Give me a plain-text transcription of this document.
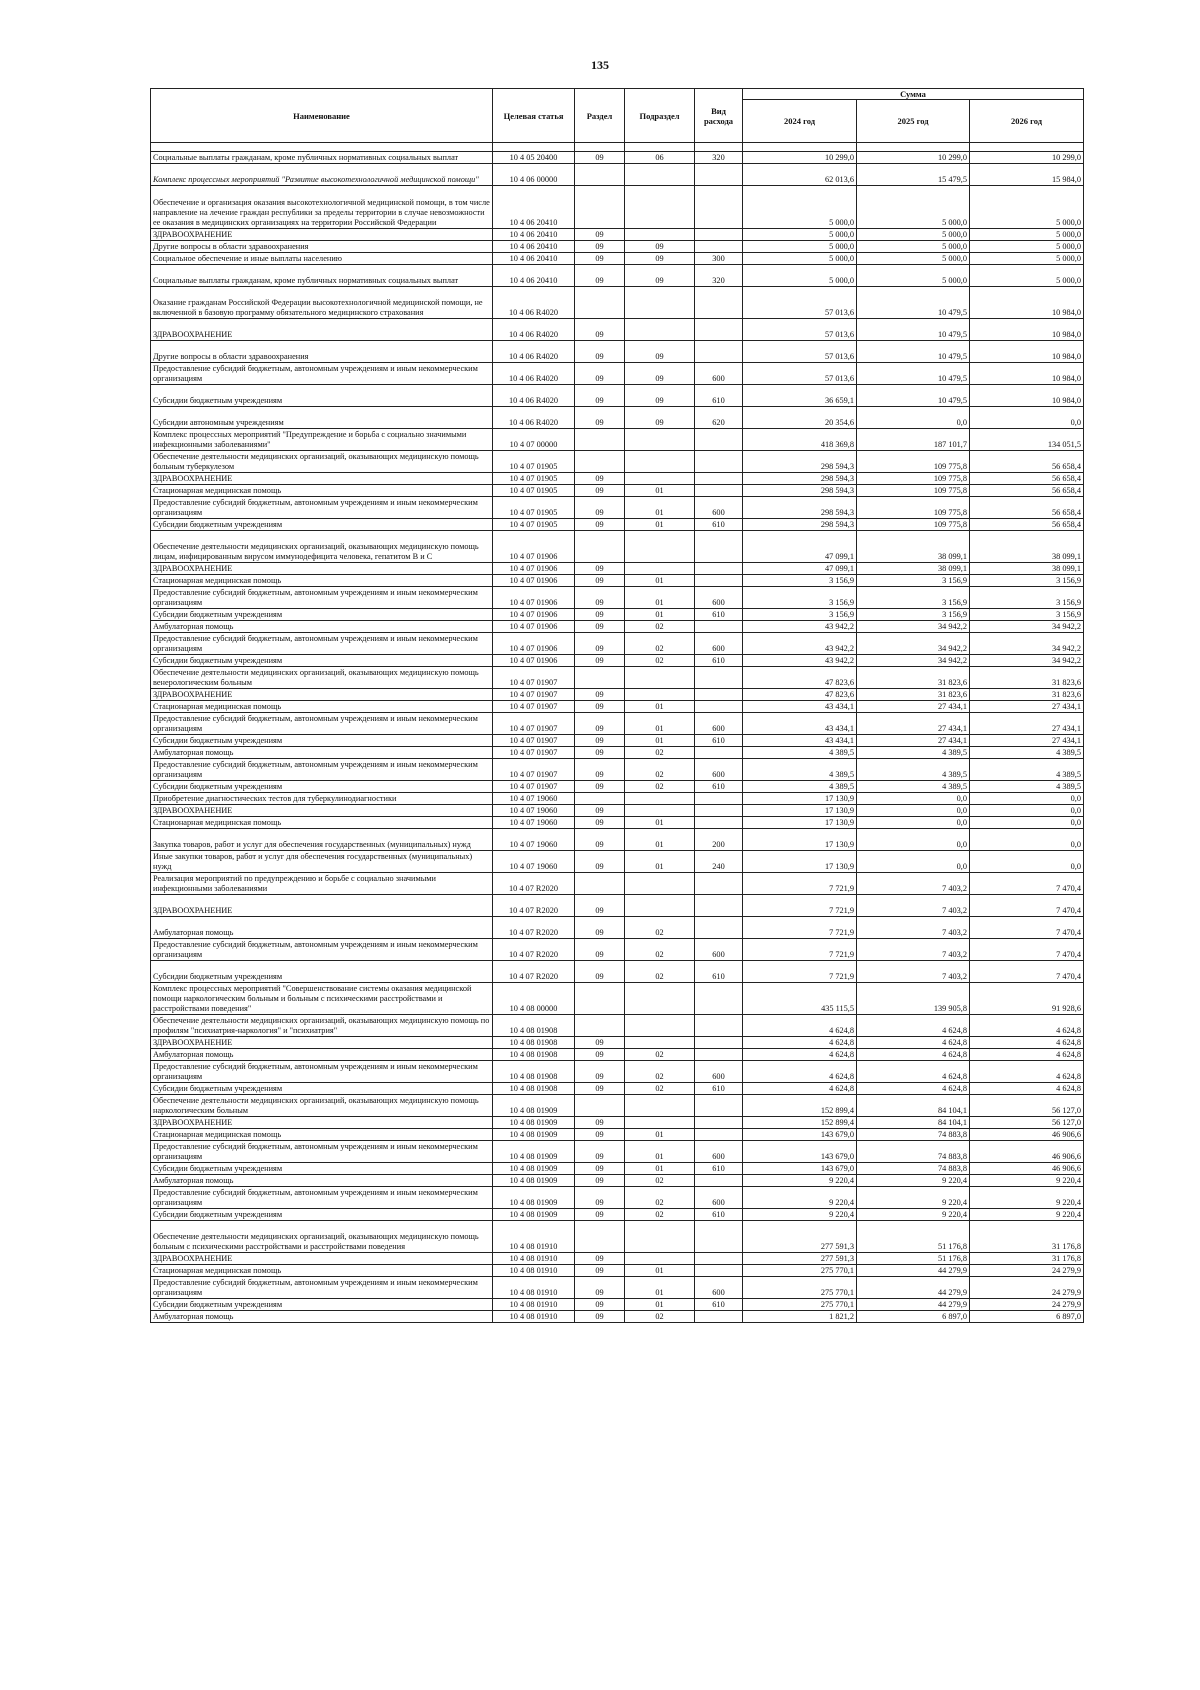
135
Наименование	Целевая статья	Раздел	Подраздел	Вид расхода	Сумма		
					2024 год	2025 год	2026 год

Социальные выплаты гражданам, кроме публичных нормативных социальных выплат	10 4 05 20400	09	06	320	10 299,0	10 299,0	10 299,0
Комплекс процессных мероприятий "Развитие высокотехнологичной медицинской помощи"	10 4 06 00000				62 013,6	15 479,5	15 984,0
Обеспечение и организация оказания высокотехнологичной медицинской помощи, в том числе направление на лечение граждан республики за пределы территории в случае невозможности ее оказания в медицинских организациях на территории Российской Федерации	10 4 06 20410				5 000,0	5 000,0	5 000,0
ЗДРАВООХРАНЕНИЕ	10 4 06 20410	09			5 000,0	5 000,0	5 000,0
Другие вопросы в области здравоохранения	10 4 06 20410	09	09		5 000,0	5 000,0	5 000,0
Социальное обеспечение и иные выплаты населению	10 4 06 20410	09	09	300	5 000,0	5 000,0	5 000,0
Социальные выплаты гражданам, кроме публичных нормативных социальных выплат	10 4 06 20410	09	09	320	5 000,0	5 000,0	5 000,0
Оказание гражданам Российской Федерации высокотехнологичной медицинской помощи, не включенной в базовую программу обязательного медицинского страхования	10 4 06 R4020				57 013,6	10 479,5	10 984,0
ЗДРАВООХРАНЕНИЕ	10 4 06 R4020	09			57 013,6	10 479,5	10 984,0
Другие вопросы в области здравоохранения	10 4 06 R4020	09	09		57 013,6	10 479,5	10 984,0
Предоставление субсидий бюджетным, автономным учреждениям и иным некоммерческим организациям	10 4 06 R4020	09	09	600	57 013,6	10 479,5	10 984,0
Субсидии бюджетным учреждениям	10 4 06 R4020	09	09	610	36 659,1	10 479,5	10 984,0
Субсидии автономным учреждениям	10 4 06 R4020	09	09	620	20 354,6	0,0	0,0
Комплекс процессных мероприятий "Предупреждение и борьба с социально значимыми инфекционными заболеваниями"	10 4 07 00000				418 369,8	187 101,7	134 051,5
Обеспечение деятельности медицинских организаций, оказывающих медицинскую помощь больным туберкулезом	10 4 07 01905				298 594,3	109 775,8	56 658,4
ЗДРАВООХРАНЕНИЕ	10 4 07 01905	09			298 594,3	109 775,8	56 658,4
Стационарная медицинская помощь	10 4 07 01905	09	01		298 594,3	109 775,8	56 658,4
Предоставление субсидий бюджетным, автономным учреждениям и иным некоммерческим организациям	10 4 07 01905	09	01	600	298 594,3	109 775,8	56 658,4
Субсидии бюджетным учреждениям	10 4 07 01905	09	01	610	298 594,3	109 775,8	56 658,4
Обеспечение деятельности медицинских организаций, оказывающих медицинскую помощь лицам, инфицированным вирусом иммунодефицита человека, гепатитом В и С	10 4 07 01906				47 099,1	38 099,1	38 099,1
ЗДРАВООХРАНЕНИЕ	10 4 07 01906	09			47 099,1	38 099,1	38 099,1
Стационарная медицинская помощь	10 4 07 01906	09	01		3 156,9	3 156,9	3 156,9
Предоставление субсидий бюджетным, автономным учреждениям и иным некоммерческим организациям	10 4 07 01906	09	01	600	3 156,9	3 156,9	3 156,9
Субсидии бюджетным учреждениям	10 4 07 01906	09	01	610	3 156,9	3 156,9	3 156,9
Амбулаторная помощь	10 4 07 01906	09	02		43 942,2	34 942,2	34 942,2
Предоставление субсидий бюджетным, автономным учреждениям и иным некоммерческим организациям	10 4 07 01906	09	02	600	43 942,2	34 942,2	34 942,2
Субсидии бюджетным учреждениям	10 4 07 01906	09	02	610	43 942,2	34 942,2	34 942,2
Обеспечение деятельности медицинских организаций, оказывающих медицинскую помощь венерологическим больным	10 4 07 01907				47 823,6	31 823,6	31 823,6
ЗДРАВООХРАНЕНИЕ	10 4 07 01907	09			47 823,6	31 823,6	31 823,6
Стационарная медицинская помощь	10 4 07 01907	09	01		43 434,1	27 434,1	27 434,1
Предоставление субсидий бюджетным, автономным учреждениям и иным некоммерческим организациям	10 4 07 01907	09	01	600	43 434,1	27 434,1	27 434,1
Субсидии бюджетным учреждениям	10 4 07 01907	09	01	610	43 434,1	27 434,1	27 434,1
Амбулаторная помощь	10 4 07 01907	09	02		4 389,5	4 389,5	4 389,5
Предоставление субсидий бюджетным, автономным учреждениям и иным некоммерческим организациям	10 4 07 01907	09	02	600	4 389,5	4 389,5	4 389,5
Субсидии бюджетным учреждениям	10 4 07 01907	09	02	610	4 389,5	4 389,5	4 389,5
Приобретение диагностических тестов для туберкулинодиагностики	10 4 07 19060				17 130,9	0,0	0,0
ЗДРАВООХРАНЕНИЕ	10 4 07 19060	09			17 130,9	0,0	0,0
Стационарная медицинская помощь	10 4 07 19060	09	01		17 130,9	0,0	0,0
Закупка товаров, работ и услуг для обеспечения государственных (муниципальных) нужд	10 4 07 19060	09	01	200	17 130,9	0,0	0,0
Иные закупки товаров, работ и услуг для обеспечения государственных (муниципальных) нужд	10 4 07 19060	09	01	240	17 130,9	0,0	0,0
Реализация мероприятий по предупреждению и борьбе с социально значимыми инфекционными заболеваниями	10 4 07 R2020				7 721,9	7 403,2	7 470,4
ЗДРАВООХРАНЕНИЕ	10 4 07 R2020	09			7 721,9	7 403,2	7 470,4
Амбулаторная помощь	10 4 07 R2020	09	02		7 721,9	7 403,2	7 470,4
Предоставление субсидий бюджетным, автономным учреждениям и иным некоммерческим организациям	10 4 07 R2020	09	02	600	7 721,9	7 403,2	7 470,4
Субсидии бюджетным учреждениям	10 4 07 R2020	09	02	610	7 721,9	7 403,2	7 470,4
Комплекс процессных мероприятий "Совершенствование системы оказания медицинской помощи наркологическим больным и больным с психическими расстройствами и расстройствами поведения"	10 4 08 00000				435 115,5	139 905,8	91 928,6
Обеспечение деятельности медицинских организаций, оказывающих медицинскую помощь по профилям "психиатрия-наркология" и "психиатрия"	10 4 08 01908				4 624,8	4 624,8	4 624,8
ЗДРАВООХРАНЕНИЕ	10 4 08 01908	09			4 624,8	4 624,8	4 624,8
Амбулаторная помощь	10 4 08 01908	09	02		4 624,8	4 624,8	4 624,8
Предоставление субсидий бюджетным, автономным учреждениям и иным некоммерческим организациям	10 4 08 01908	09	02	600	4 624,8	4 624,8	4 624,8
Субсидии бюджетным учреждениям	10 4 08 01908	09	02	610	4 624,8	4 624,8	4 624,8
Обеспечение деятельности медицинских организаций, оказывающих медицинскую помощь наркологическим больным	10 4 08 01909				152 899,4	84 104,1	56 127,0
ЗДРАВООХРАНЕНИЕ	10 4 08 01909	09			152 899,4	84 104,1	56 127,0
Стационарная медицинская помощь	10 4 08 01909	09	01		143 679,0	74 883,8	46 906,6
Предоставление субсидий бюджетным, автономным учреждениям и иным некоммерческим организациям	10 4 08 01909	09	01	600	143 679,0	74 883,8	46 906,6
Субсидии бюджетным учреждениям	10 4 08 01909	09	01	610	143 679,0	74 883,8	46 906,6
Амбулаторная помощь	10 4 08 01909	09	02		9 220,4	9 220,4	9 220,4
Предоставление субсидий бюджетным, автономным учреждениям и иным некоммерческим организациям	10 4 08 01909	09	02	600	9 220,4	9 220,4	9 220,4
Субсидии бюджетным учреждениям	10 4 08 01909	09	02	610	9 220,4	9 220,4	9 220,4
Обеспечение деятельности медицинских организаций, оказывающих медицинскую помощь больным с психическими расстройствами и расстройствами поведения	10 4 08 01910				277 591,3	51 176,8	31 176,8
ЗДРАВООХРАНЕНИЕ	10 4 08 01910	09			277 591,3	51 176,8	31 176,8
Стационарная медицинская помощь	10 4 08 01910	09	01		275 770,1	44 279,9	24 279,9
Предоставление субсидий бюджетным, автономным учреждениям и иным некоммерческим организациям	10 4 08 01910	09	01	600	275 770,1	44 279,9	24 279,9
Субсидии бюджетным учреждениям	10 4 08 01910	09	01	610	275 770,1	44 279,9	24 279,9
Амбулаторная помощь	10 4 08 01910	09	02		1 821,2	6 897,0	6 897,0
